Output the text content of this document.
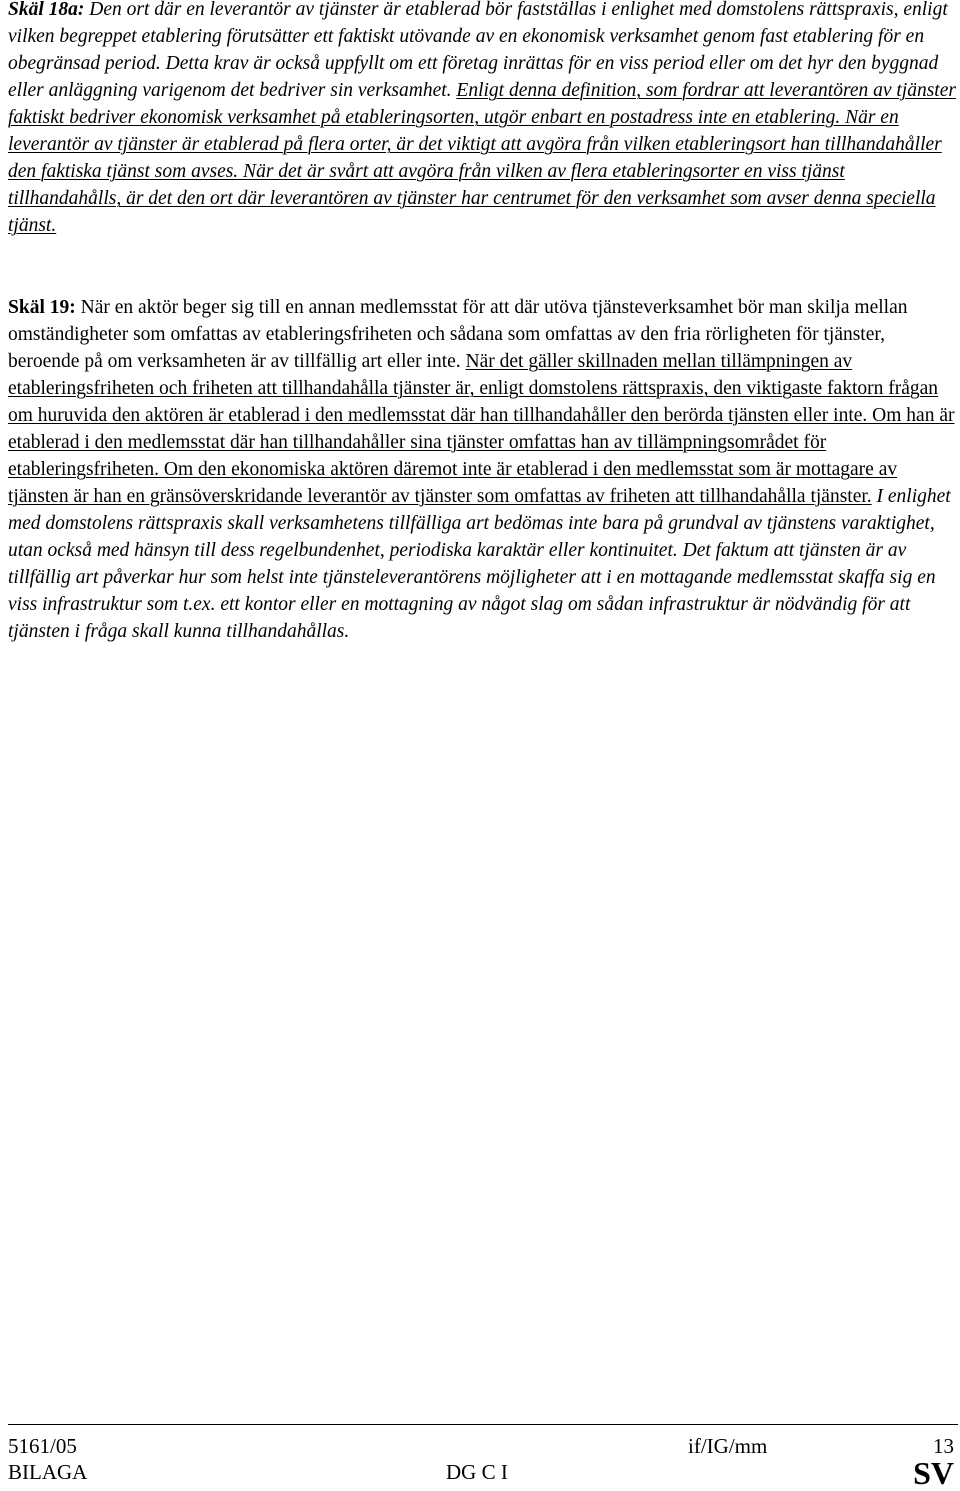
Skäl 18a: Den ort där en leverantör av tjänster är etablerad bör fastställas i enlighet med domstolens rättspraxis, enligt vilken begreppet etablering förutsätter ett faktiskt utövande av en ekonomisk verksamhet genom fast etablering för en obegränsad period. Detta krav är också uppfyllt om ett företag inrättas för en viss period eller om det hyr den byggnad eller anläggning varigenom det bedriver sin verksamhet. Enligt denna definition, som fordrar att leverantören av tjänster faktiskt bedriver ekonomisk verksamhet på etableringsorten, utgör enbart en postadress inte en etablering. När en leverantör av tjänster är etablerad på flera orter, är det viktigt att avgöra från vilken etableringsort han tillhandahåller den faktiska tjänst som avses. När det är svårt att avgöra från vilken av flera etableringsorter en viss tjänst tillhandahålls, är det den ort där leverantören av tjänster har centrumet för den verksamhet som avser denna speciella tjänst.

Skäl 19: När en aktör beger sig till en annan medlemsstat för att där utöva tjänsteverksamhet bör man skilja mellan omständigheter som omfattas av etableringsfriheten och sådana som omfattas av den fria rörligheten för tjänster, beroende på om verksamheten är av tillfällig art eller inte. När det gäller skillnaden mellan tillämpningen av etableringsfriheten och friheten att tillhandahålla tjänster är, enligt domstolens rättspraxis, den viktigaste faktorn frågan om huruvida den aktören är etablerad i den medlemsstat där han tillhandahåller den berörda tjänsten eller inte. Om han är etablerad i den medlemsstat där han tillhandahåller sina tjänster omfattas han av tillämpningsområdet för etableringsfriheten. Om den ekonomiska aktören däremot inte är etablerad i den medlemsstat som är mottagare av tjänsten är han en gränsöverskridande leverantör av tjänster som omfattas av friheten att tillhandahålla tjänster. I enlighet med domstolens rättspraxis skall verksamhetens tillfälliga art bedömas inte bara på grundval av tjänstens varaktighet, utan också med hänsyn till dess regelbundenhet, periodiska karaktär eller kontinuitet. Det faktum att tjänsten är av tillfällig art påverkar hur som helst inte tjänsteleverantörens möjligheter att i en mottagande medlemsstat skaffa sig en viss infrastruktur som t.ex. ett kontor eller en mottagning av något slag om sådan infrastruktur är nödvändig för att tjänsten i fråga skall kunna tillhandahållas.

5161/05	if/IG/mm	13
BILAGA	DG C I	SV
